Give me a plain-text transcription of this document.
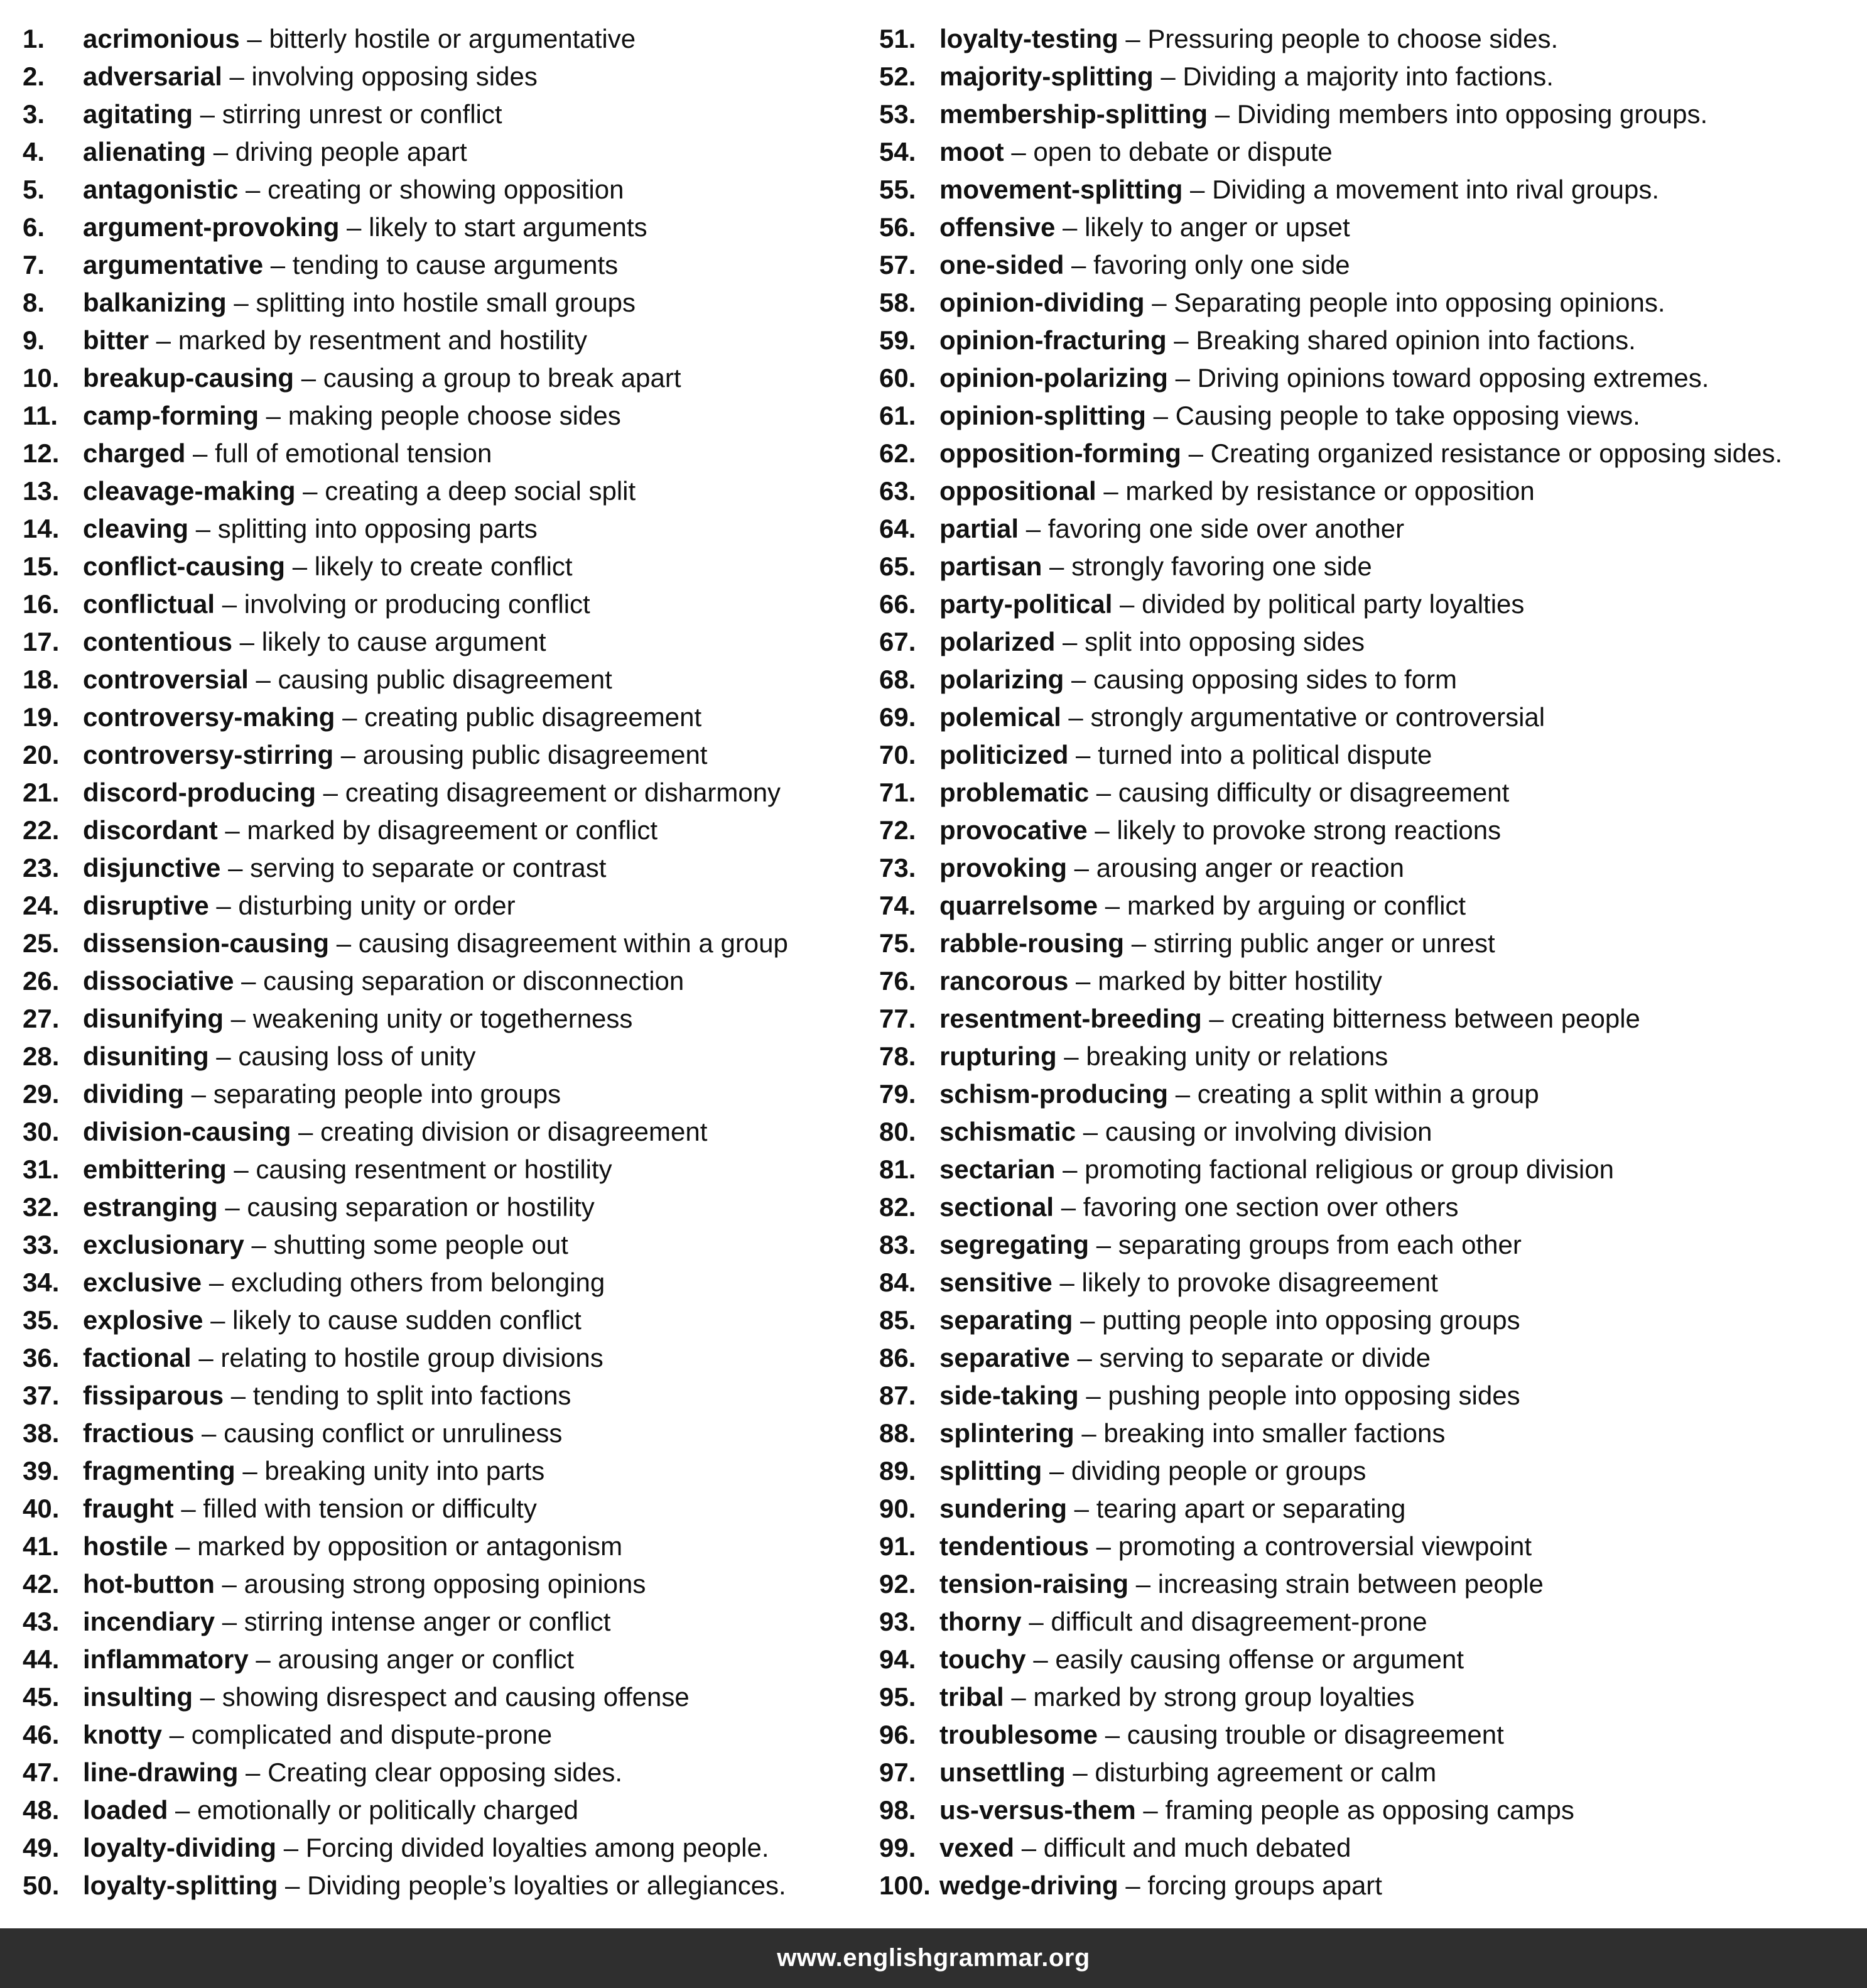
1.	acrimonious – bitterly hostile or argumentative
2.	adversarial – involving opposing sides
3.	agitating – stirring unrest or conflict
4.	alienating – driving people apart
5.	antagonistic – creating or showing opposition
6.	argument-provoking – likely to start arguments
7.	argumentative – tending to cause arguments
8.	balkanizing – splitting into hostile small groups
9.	bitter – marked by resentment and hostility
10. breakup-causing – causing a group to break apart
11. camp-forming – making people choose sides
12. charged – full of emotional tension
13. cleavage-making – creating a deep social split
14. cleaving – splitting into opposing parts
15. conflict-causing – likely to create conflict
16. conflictual – involving or producing conflict
17. contentious – likely to cause argument
18. controversial – causing public disagreement
19. controversy-making – creating public disagreement
20. controversy-stirring – arousing public disagreement
21. discord-producing – creating disagreement or disharmony
22. discordant – marked by disagreement or conflict
23. disjunctive – serving to separate or contrast
24. disruptive – disturbing unity or order
25. dissension-causing – causing disagreement within a group
26. dissociative – causing separation or disconnection
27. disunifying – weakening unity or togetherness
28. disuniting – causing loss of unity
29. dividing – separating people into groups
30. division-causing – creating division or disagreement
31. embittering – causing resentment or hostility
32. estranging – causing separation or hostility
33. exclusionary – shutting some people out
34. exclusive – excluding others from belonging
35. explosive – likely to cause sudden conflict
36. factional – relating to hostile group divisions
37. fissiparous – tending to split into factions
38. fractious – causing conflict or unruliness
39. fragmenting – breaking unity into parts
40. fraught – filled with tension or difficulty
41. hostile – marked by opposition or antagonism
42. hot-button – arousing strong opposing opinions
43. incendiary – stirring intense anger or conflict
44. inflammatory – arousing anger or conflict
45. insulting – showing disrespect and causing offense
46. knotty – complicated and dispute-prone
47. line-drawing – Creating clear opposing sides.
48. loaded – emotionally or politically charged
49. loyalty-dividing – Forcing divided loyalties among people.
50. loyalty-splitting – Dividing people’s loyalties or allegiances.
51. loyalty-testing – Pressuring people to choose sides.
52. majority-splitting – Dividing a majority into factions.
53. membership-splitting – Dividing members into opposing groups.
54. moot – open to debate or dispute
55. movement-splitting – Dividing a movement into rival groups.
56. offensive – likely to anger or upset
57. one-sided – favoring only one side
58. opinion-dividing – Separating people into opposing opinions.
59. opinion-fracturing – Breaking shared opinion into factions.
60. opinion-polarizing – Driving opinions toward opposing extremes.
61. opinion-splitting – Causing people to take opposing views.
62. opposition-forming – Creating organized resistance or opposing sides.
63. oppositional – marked by resistance or opposition
64. partial – favoring one side over another
65. partisan – strongly favoring one side
66. party-political – divided by political party loyalties
67. polarized – split into opposing sides
68. polarizing – causing opposing sides to form
69. polemical – strongly argumentative or controversial
70. politicized – turned into a political dispute
71. problematic – causing difficulty or disagreement
72. provocative – likely to provoke strong reactions
73. provoking – arousing anger or reaction
74. quarrelsome – marked by arguing or conflict
75. rabble-rousing – stirring public anger or unrest
76. rancorous – marked by bitter hostility
77. resentment-breeding – creating bitterness between people
78. rupturing – breaking unity or relations
79. schism-producing – creating a split within a group
80. schismatic – causing or involving division
81. sectarian – promoting factional religious or group division
82. sectional – favoring one section over others
83. segregating – separating groups from each other
84. sensitive – likely to provoke disagreement
85. separating – putting people into opposing groups
86. separative – serving to separate or divide
87. side-taking – pushing people into opposing sides
88. splintering – breaking into smaller factions
89. splitting – dividing people or groups
90. sundering – tearing apart or separating
91. tendentious – promoting a controversial viewpoint
92. tension-raising – increasing strain between people
93. thorny – difficult and disagreement-prone
94. touchy – easily causing offense or argument
95. tribal – marked by strong group loyalties
96. troublesome – causing trouble or disagreement
97. unsettling – disturbing agreement or calm
98. us-versus-them – framing people as opposing camps
99. vexed – difficult and much debated
100. wedge-driving – forcing groups apart
www.englishgrammar.org
